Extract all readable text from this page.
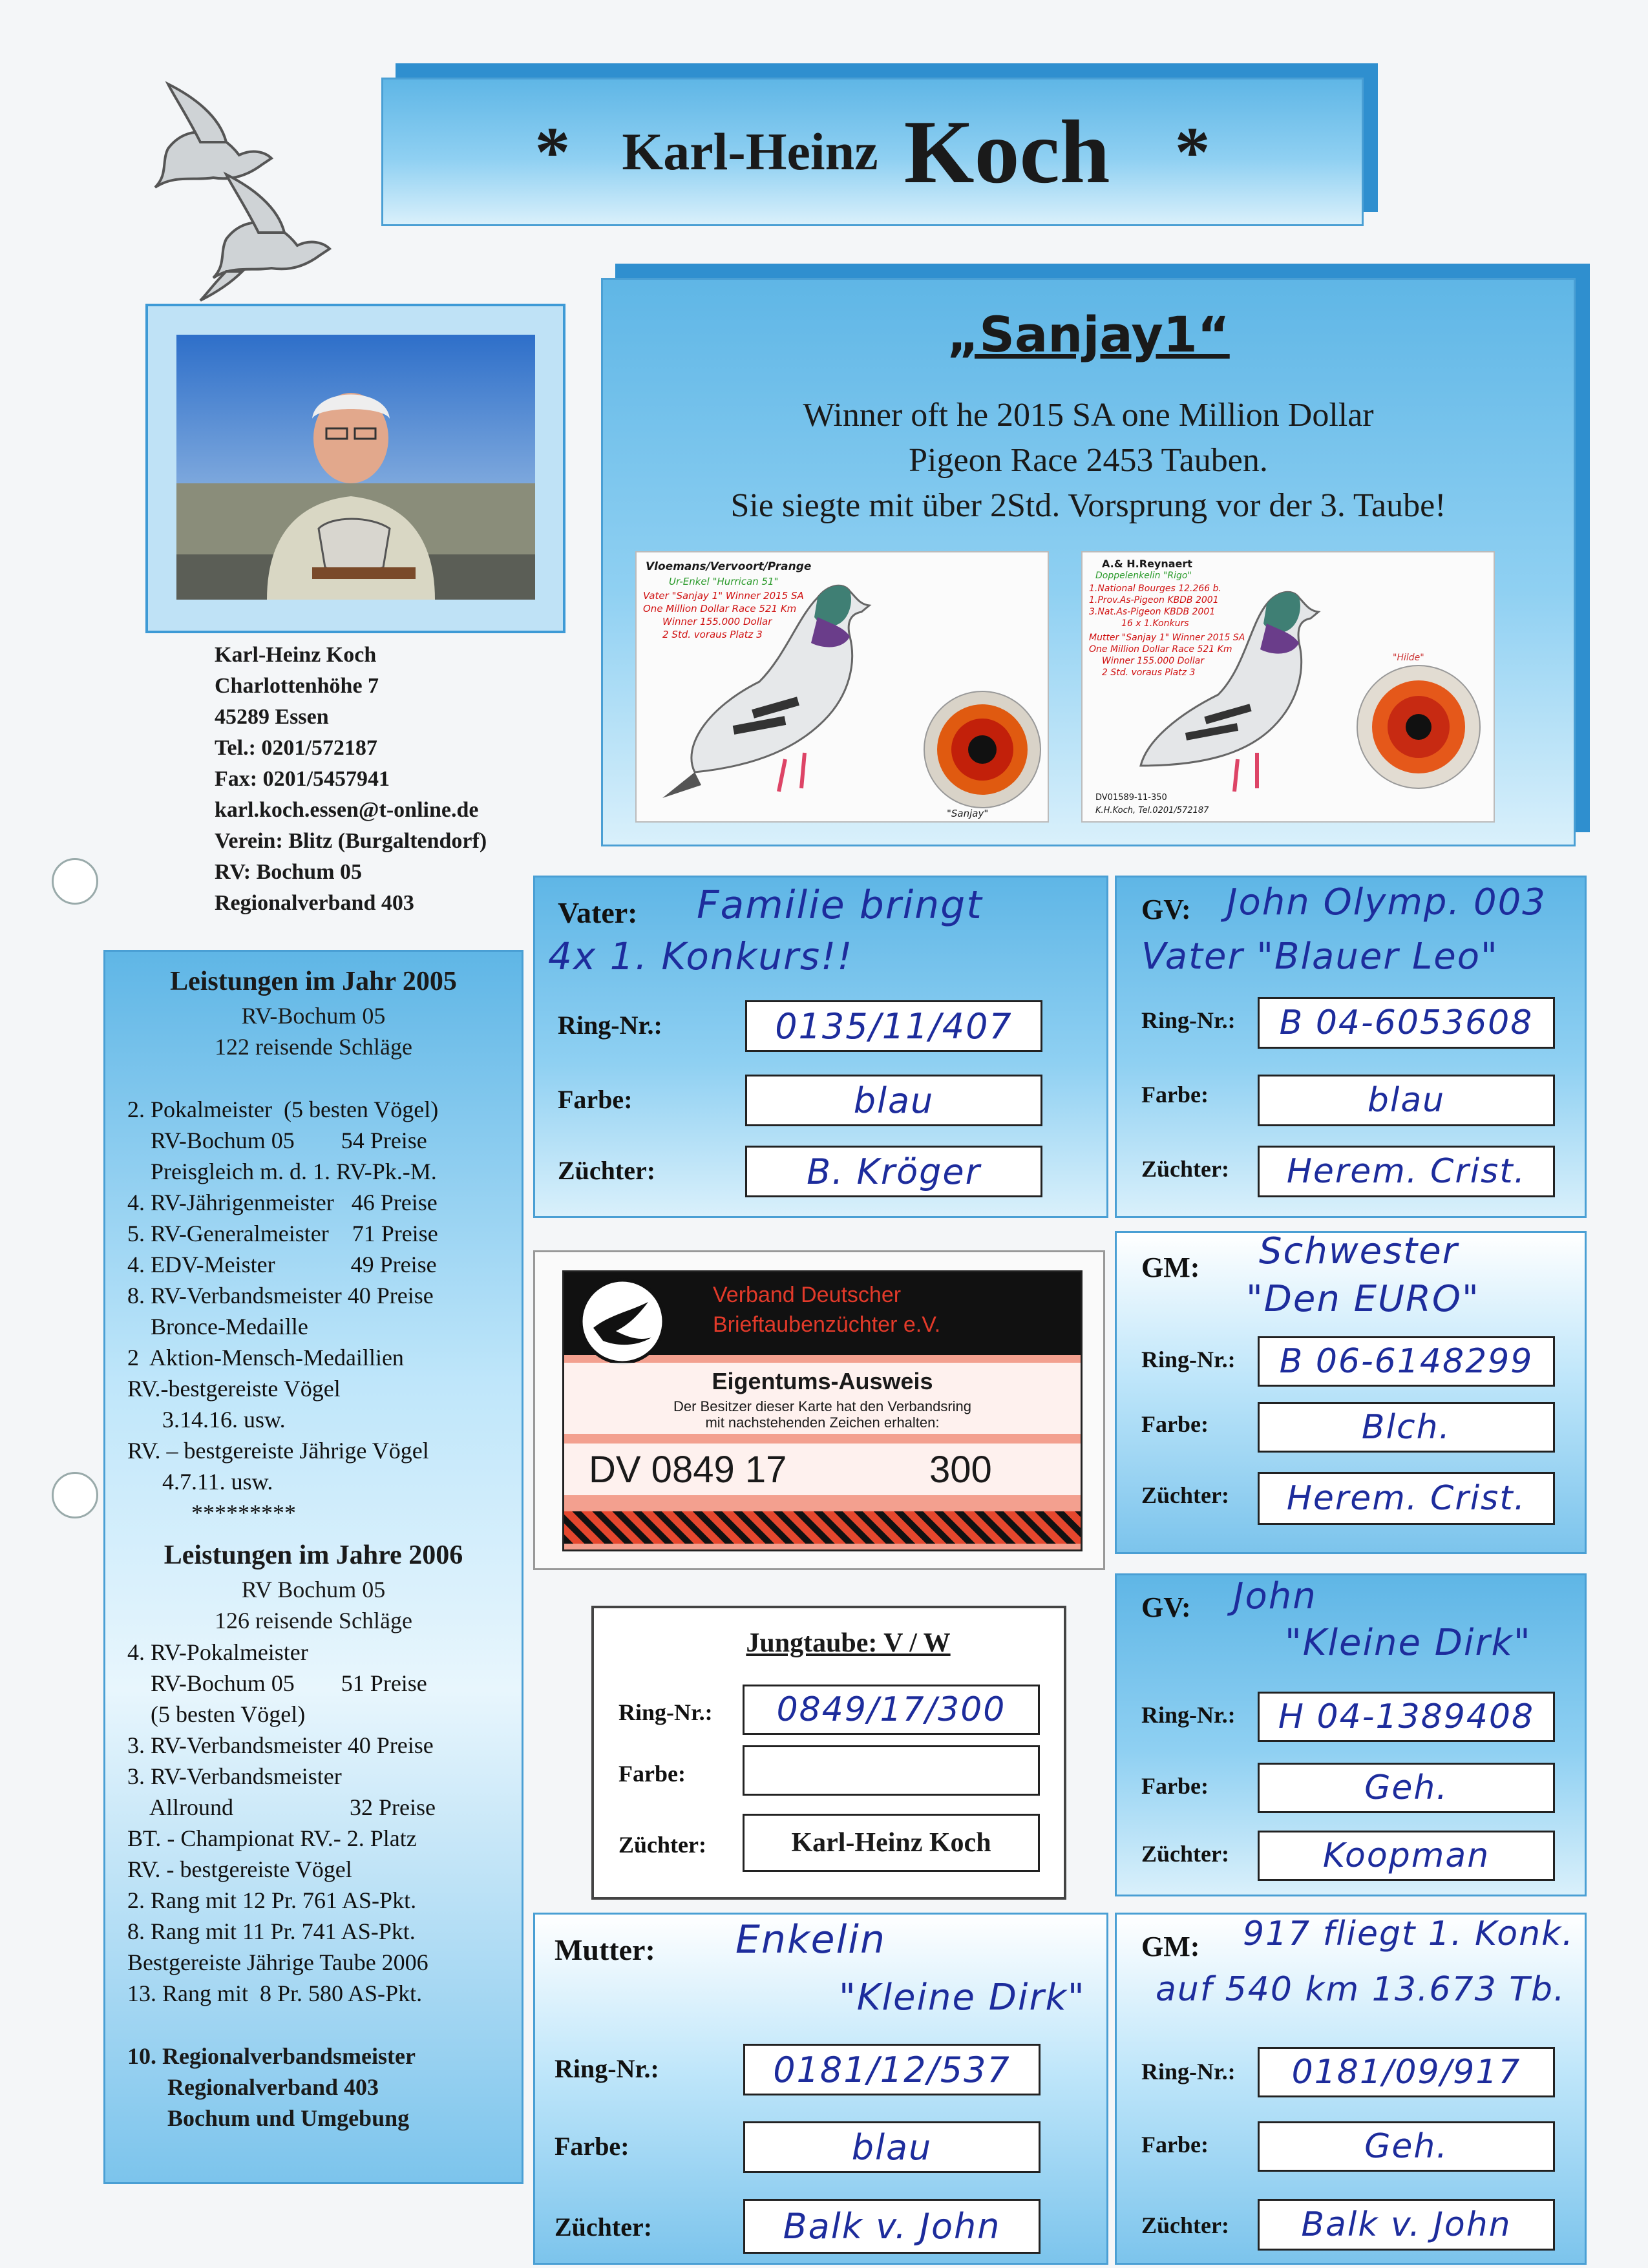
* Karl-Heinz Koch *
„Sanjay1“
Winner oft he 2015 SA one Million Dollar
Pigeon Race 2453 Tauben.
Sie siegte mit über 2Std. Vorsprung vor der 3. Taube!
Vloemans/Vervoort/Prange
Ur-Enkel "Hurrican 51"
Vater "Sanjay 1" Winner 2015 SA
One Million Dollar Race 521 Km
Winner 155.000 Dollar
2 Std. voraus Platz 3
"Sanjay"
A.& H.Reynaert
Doppelenkelin "Rigo"
1.National Bourges 12.266 b.
1.Prov.As-Pigeon KBDB 2001
3.Nat.As-Pigeon KBDB 2001
16 x 1.Konkurs
Mutter "Sanjay 1" Winner 2015 SA
One Million Dollar Race 521 Km
Winner 155.000 Dollar
2 Std. voraus Platz 3
"Hilde"
DV01589-11-350
K.H.Koch, Tel.0201/572187
Karl-Heinz Koch
Charlottenhöhe 7
45289 Essen
Tel.: 0201/572187
Fax: 0201/5457941
karl.koch.essen@t-online.de
Verein: Blitz (Burgaltendorf)
RV: Bochum 05
Regionalverband 403
Leistungen im Jahr 2005
RV-Bochum 05
122 reisende Schläge
2. Pokalmeister  (5 besten Vögel)
RV-Bochum 05        54 Preise
Preisgleich m. d. 1. RV-Pk.-M.
4. RV-Jährigenmeister   46 Preise
5. RV-Generalmeister    71 Preise
4. EDV-Meister             49 Preise
8. RV-Verbandsmeister 40 Preise
Bronce-Medaille
2  Aktion-Mensch-Medaillien
RV.-bestgereiste Vögel
3.14.16. usw.
RV. – bestgereiste Jährige Vögel
4.7.11. usw.
*********
Leistungen im Jahre 2006
RV Bochum 05
126 reisende Schläge
4. RV-Pokalmeister
RV-Bochum 05        51 Preise
(5 besten Vögel)
3. RV-Verbandsmeister 40 Preise
3. RV-Verbandsmeister
Allround                    32 Preise
BT. - Championat RV.- 2. Platz
RV. - bestgereiste Vögel
2. Rang mit 12 Pr. 761 AS-Pkt.
8. Rang mit 11 Pr. 741 AS-Pkt.
Bestgereiste Jährige Taube 2006
13. Rang mit  8 Pr. 580 AS-Pkt.
10. Regionalverbandsmeister
Regionalverband 403
Bochum und Umgebung
Vater: Familie bringt
4x 1. Konkurs!!
Ring-Nr.:	0135/11/407
Farbe:	blau
Züchter:	B. Kröger
GV: John Olymp. 003
Vater "Blauer Leo"
Ring-Nr.: B 04-6053608
Farbe:	blau
Züchter: Herem. Crist.
GM: Schwester
"Den EURO"
Ring-Nr.: B 06-6148299
Farbe:	Blch.
Züchter: Herem. Crist.
Verband Deutscher
Brieftaubenzüchter e.V.
Eigentums-Ausweis
Der Besitzer dieser Karte hat den Verbandsring
mit nachstehenden Zeichen erhalten:
DV 0849 17	300
Jungtaube: V / W
Ring-Nr.: 0849/17/300
Farbe:
Züchter:	Karl-Heinz Koch
GV: John
"Kleine Dirk"
Ring-Nr.: H 04-1389408
Farbe:	Geh.
Züchter:	Koopman
Mutter: Enkelin
"Kleine Dirk"
Ring-Nr.:	0181/12/537
Farbe:	blau
Züchter:	Balk v. John
GM: 917 fliegt 1. Konk.
auf 540 km 13.673 Tb.
Ring-Nr.: 0181/09/917
Farbe:	Geh.
Züchter: Balk v. John
